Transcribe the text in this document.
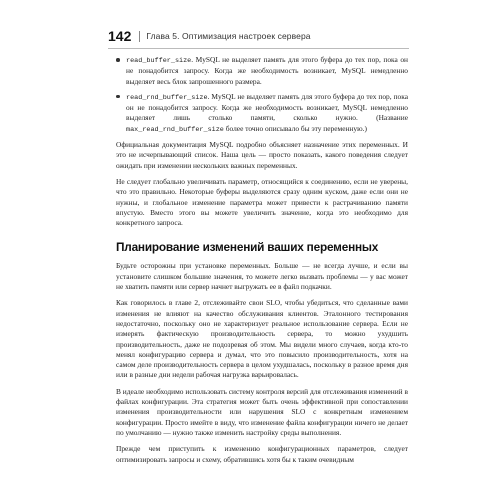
142 Глава 5. Оптимизация настроек сервера

read_buffer_size. MySQL не выделяет память для этого буфера до тех пор, пока он не понадобится запросу. Когда же необходимость возникает, MySQL немедленно выделяет весь блок запрошенного размера.

read_rnd_buffer_size. MySQL не выделяет память для этого буфера до тех пор, пока он не понадобится запросу. Когда же необходимость возникает, MySQL немедленно выделяет лишь столько памяти, сколько нужно. (Название max_read_rnd_buffer_size более точно описывало бы эту переменную.)

Официальная документация MySQL подробно объясняет назначение этих переменных. И это не исчерпывающий список. Наша цель — просто показать, какого поведения следует ожидать при изменении нескольких важных переменных.

Не следует глобально увеличивать параметр, относящийся к соединению, если не уверены, что это правильно. Некоторые буферы выделяются сразу одним куском, даже если они не нужны, и глобальное изменение параметра может привести к растрачиванию памяти впустую. Вместо этого вы можете увеличить значение, когда это необходимо для конкретного запроса.

Планирование изменений ваших переменных

Будьте осторожны при установке переменных. Больше — не всегда лучше, и если вы установите слишком большие значения, то можете легко вызвать проблемы — у вас может не хватить памяти или сервер начнет выгружать ее в файл подкачки.

Как говорилось в главе 2, отслеживайте свои SLO, чтобы убедиться, что сделанные вами изменения не влияют на качество обслуживания клиентов. Эталонного тестирования недостаточно, поскольку оно не характеризует реальное использование сервера. Если не измерять фактическую производительность сервера, то можно ухудшить производительность, даже не подозревая об этом. Мы видели много случаев, когда кто-то менял конфигурацию сервера и думал, что это повысило производительность, хотя на самом деле производительность сервера в целом ухудшалась, поскольку в разное время дня или в разные дни недели рабочая нагрузка варьировалась.

В идеале необходимо использовать систему контроля версий для отслеживания изменений в файлах конфигурации. Эта стратегия может быть очень эффективной при сопоставлении изменения производительности или нарушения SLO с конкретным изменением конфигурации. Просто имейте в виду, что изменение файла конфигурации ничего не делает по умолчанию — нужно также изменить настройку среды выполнения.

Прежде чем приступить к изменению конфигурационных параметров, следует оптимизировать запросы и схему, обратившись хотя бы к таким очевидным
